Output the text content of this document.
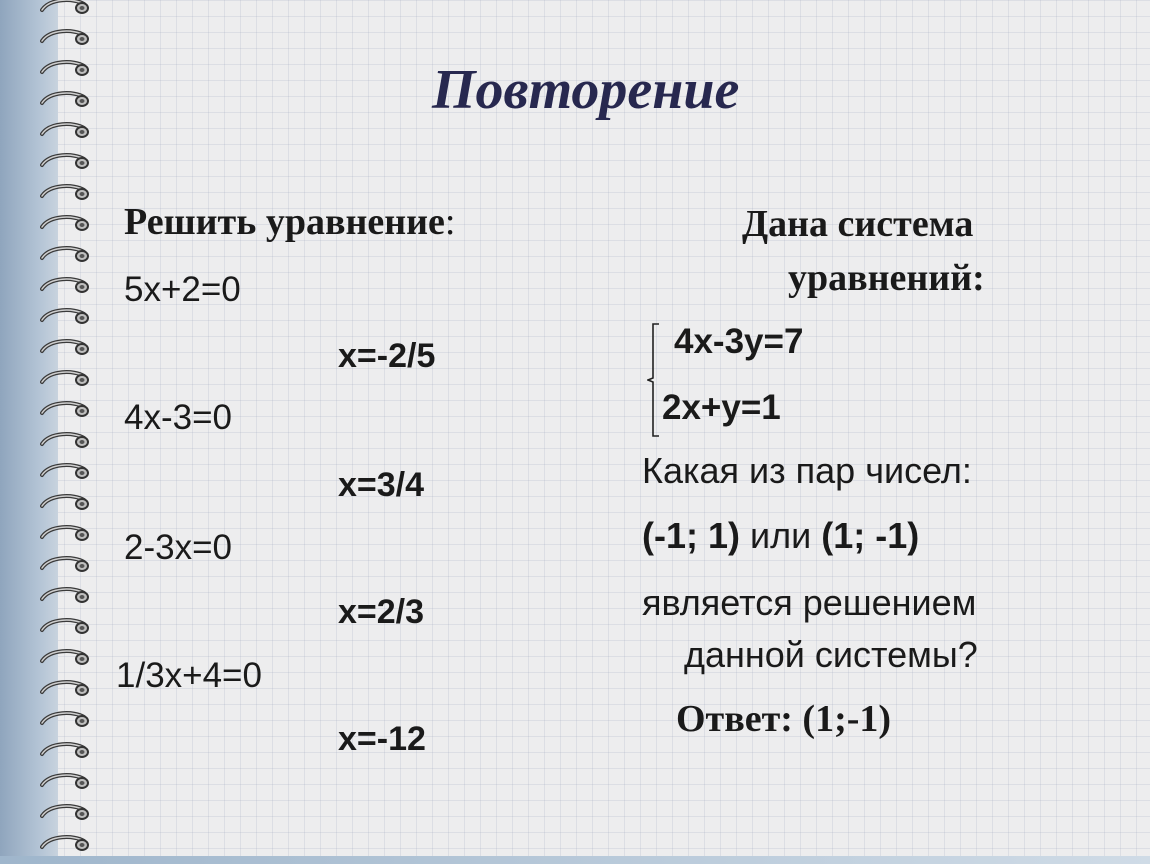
Повторение
Решить уравнение:
5x+2=0
x=-2/5
4x-3=0
x=3/4
2-3x=0
x=2/3
1/3x+4=0
x=-12
Дана система
уравнений:
4x-3y=7
2x+y=1
Какая из пар чисел:
(-1; 1) или (1; -1)
является решением
данной системы?
Ответ: (1;-1)
